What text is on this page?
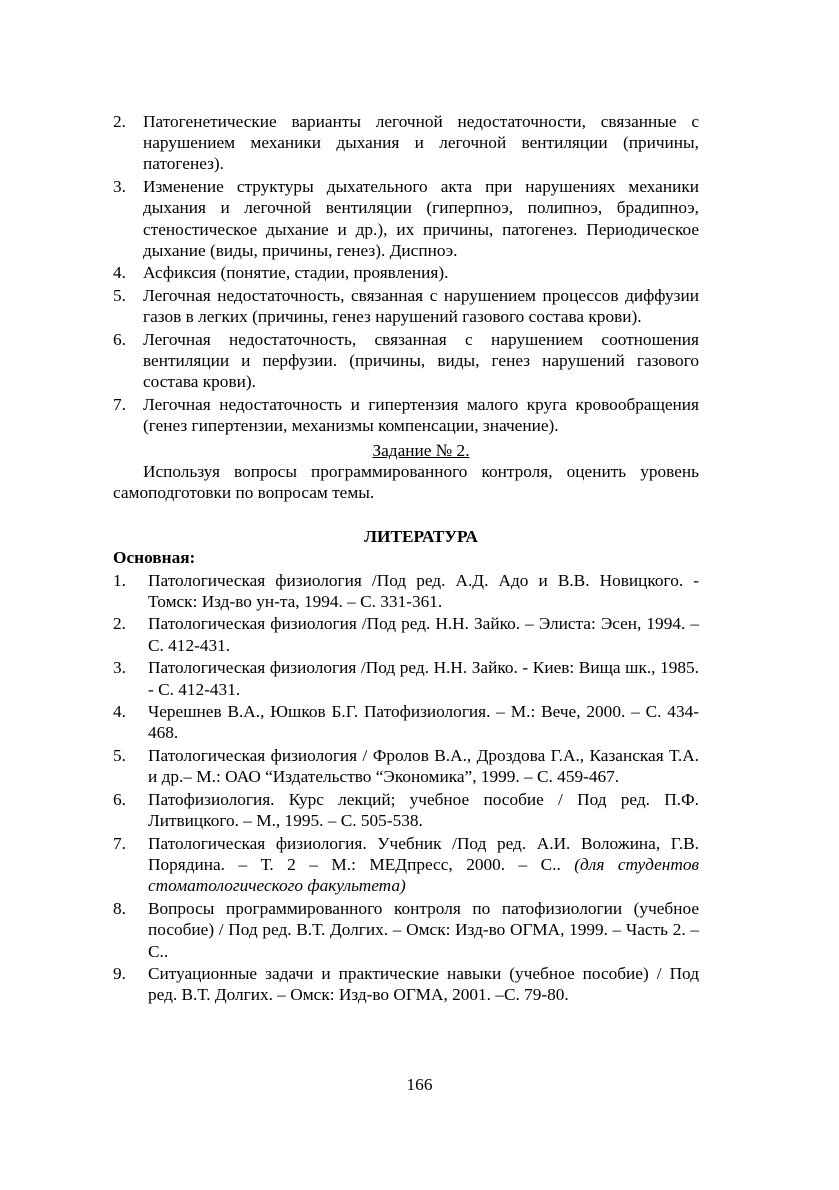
2. Патогенетические варианты легочной недостаточности, связанные с нарушением механики дыхания и легочной вентиляции (причины, патогенез).
3. Изменение структуры дыхательного акта при нарушениях механики дыхания и легочной вентиляции (гиперпноэ, полипноэ, брадипноэ, стеностическое дыхание и др.), их причины, патогенез. Периодическое дыхание (виды, причины, генез). Диспноэ.
4. Асфиксия (понятие, стадии, проявления).
5. Легочная недостаточность, связанная с нарушением процессов диффузии газов в легких (причины, генез нарушений газового состава крови).
6. Легочная недостаточность, связанная с нарушением соотношения вентиляции и перфузии. (причины, виды, генез нарушений газового состава крови).
7. Легочная недостаточность и гипертензия малого круга кровообращения (генез гипертензии, механизмы компенсации, значение).

Задание № 2.

Используя вопросы программированного контроля, оценить уровень самоподготовки по вопросам темы.

ЛИТЕРАТУРА

Основная:

1. Патологическая физиология /Под ред. А.Д. Адо и В.В. Новицкого. - Томск: Изд-во ун-та, 1994. – С. 331-361.
2. Патологическая физиология /Под ред. Н.Н. Зайко. – Элиста: Эсен, 1994. – С. 412-431.
3. Патологическая физиология /Под ред. Н.Н. Зайко. - Киев: Вища шк., 1985. - С. 412-431.
4. Черешнев В.А., Юшков Б.Г. Патофизиология. – М.: Вече, 2000. – С. 434-468.
5. Патологическая физиология / Фролов В.А., Дроздова Г.А., Казанская Т.А. и др.– М.: ОАО “Издательство “Экономика”, 1999. – С. 459-467.
6. Патофизиология. Курс лекций; учебное пособие / Под ред. П.Ф. Литвицкого. – М., 1995. – С. 505-538.
7. Патологическая физиология. Учебник /Под ред. А.И. Воложина, Г.В. Порядина. – Т. 2 – М.: МЕДпресс, 2000. – С.. (для студентов стоматологического факультета)
8. Вопросы программированного контроля по патофизиологии (учебное пособие) / Под ред. В.Т. Долгих. – Омск: Изд-во ОГМА, 1999. – Часть 2. – С..
9. Ситуационные задачи и практические навыки (учебное пособие) / Под ред. В.Т. Долгих. – Омск: Изд-во ОГМА, 2001. –С. 79-80.
166
